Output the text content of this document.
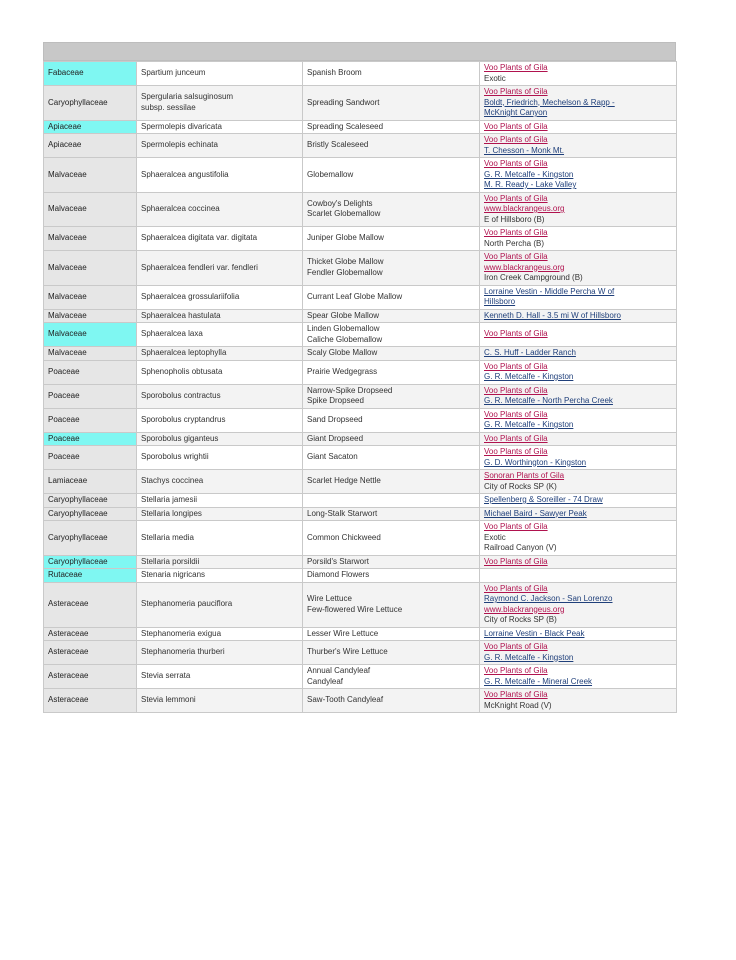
Fabaceae	Spartium junceum	Spanish Broom	Voo Plants of Gila
Exotic

Caryophyllaceae	Spergularia salsuginosum
subsp. sessilae	Spreading Sandwort	Voo Plants of Gila
Boldt, Friedrich, Mechelson & Rapp -
McKnight Canyon

Apiaceae	Spermolepis divaricata	Spreading Scaleseed	Voo Plants of Gila

Apiaceae	Spermolepis echinata	Bristly Scaleseed	Voo Plants of Gila
T. Chesson - Monk Mt.

Malvaceae	Sphaeralcea angustifolia	Globemallow	Voo Plants of Gila
G. R. Metcalfe - Kingston
M. R. Ready - Lake Valley

Malvaceae	Sphaeralcea coccinea	Cowboy's Delights
Scarlet Globemallow	Voo Plants of Gila
www.blackrangeus.org
E of Hillsboro (B)

Malvaceae	Sphaeralcea digitata var. digitata	Juniper Globe Mallow	Voo Plants of Gila
North Percha (B)

Malvaceae	Sphaeralcea fendleri var. fendleri	Thicket Globe Mallow
Fendler Globemallow	Voo Plants of Gila
www.blackrangeus.org
Iron Creek Campground (B)

Malvaceae	Sphaeralcea grossulariifolia	Currant Leaf Globe Mallow	Lorraine Vestin - Middle Percha W of
Hillsboro

Malvaceae	Sphaeralcea hastulata	Spear Globe Mallow	Kenneth D. Hall - 3.5 mi W of Hillsboro

Malvaceae	Sphaeralcea laxa	Linden Globemallow
Caliche Globemallow	Voo Plants of Gila

Malvaceae	Sphaeralcea leptophylla	Scaly Globe Mallow	C. S. Huff - Ladder Ranch

Poaceae	Sphenopholis obtusata	Prairie Wedgegrass	Voo Plants of Gila
G. R. Metcalfe - Kingston

Poaceae	Sporobolus contractus	Narrow-Spike Dropseed
Spike Dropseed	Voo Plants of Gila
G. R. Metcalfe - North Percha Creek

Poaceae	Sporobolus cryptandrus	Sand Dropseed	Voo Plants of Gila
G. R. Metcalfe - Kingston

Poaceae	Sporobolus giganteus	Giant Dropseed	Voo Plants of Gila

Poaceae	Sporobolus wrightii	Giant Sacaton	Voo Plants of Gila
G. D. Worthington - Kingston

Lamiaceae	Stachys coccinea	Scarlet Hedge Nettle	Sonoran Plants of Gila
City of Rocks SP (K)

Caryophyllaceae	Stellaria jamesii		Spellenberg & Soreiller - 74 Draw

Caryophyllaceae	Stellaria longipes	Long-Stalk Starwort	Michael Baird - Sawyer Peak

Caryophyllaceae	Stellaria media	Common Chickweed	Voo Plants of Gila
Exotic
Railroad Canyon (V)

Caryophyllaceae	Stellaria porsildii	Porsild's Starwort	Voo Plants of Gila

Rutaceae	Stenaria nigricans	Diamond Flowers	

Asteraceae	Stephanomeria pauciflora	Wire Lettuce
Few-flowered Wire Lettuce	Voo Plants of Gila
Raymond C. Jackson - San Lorenzo
www.blackrangeus.org
City of Rocks SP (B)

Asteraceae	Stephanomeria exigua	Lesser Wire Lettuce	Lorraine Vestin - Black Peak

Asteraceae	Stephanomeria thurberi	Thurber's Wire Lettuce	Voo Plants of Gila
G. R. Metcalfe - Kingston

Asteraceae	Stevia serrata	Annual Candyleaf
Candyleaf	Voo Plants of Gila
G. R. Metcalfe - Mineral Creek

Asteraceae	Stevia lemmoni	Saw-Tooth Candyleaf	Voo Plants of Gila
McKnight Road (V)
